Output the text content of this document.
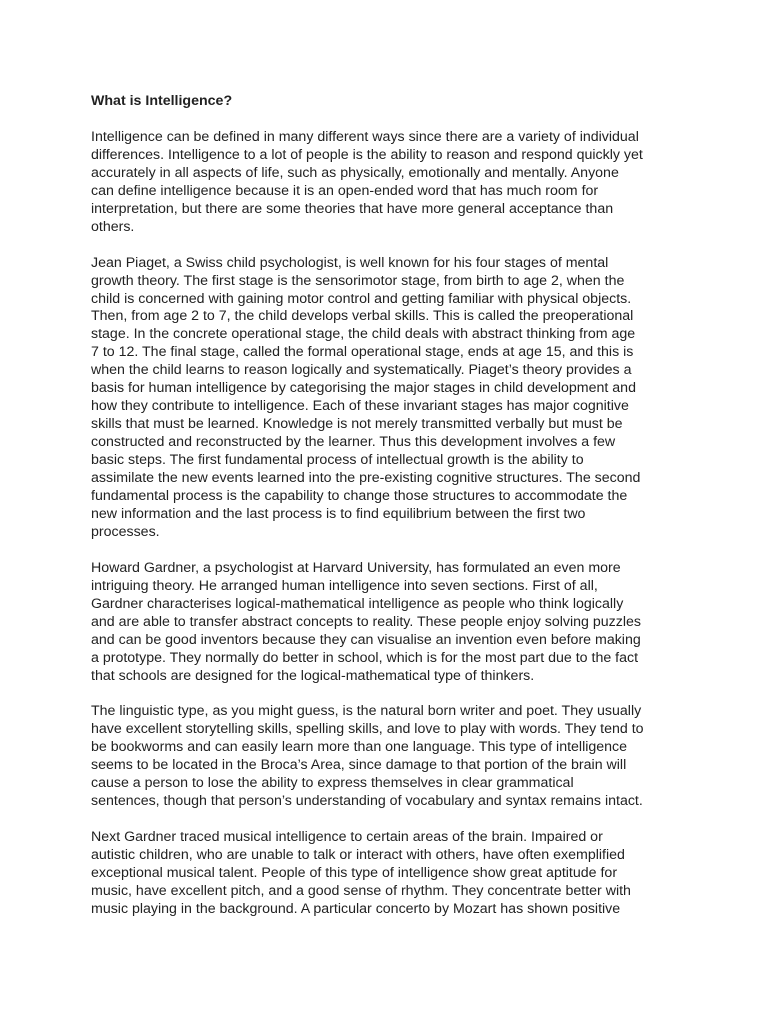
What is Intelligence?

Intelligence can be defined in many different ways since there are a variety of individual
differences. Intelligence to a lot of people is the ability to reason and respond quickly yet
accurately in all aspects of life, such as physically, emotionally and mentally. Anyone
can define intelligence because it is an open-ended word that has much room for
interpretation, but there are some theories that have more general acceptance than
others.

Jean Piaget, a Swiss child psychologist, is well known for his four stages of mental
growth theory. The first stage is the sensorimotor stage, from birth to age 2, when the
child is concerned with gaining motor control and getting familiar with physical objects.
Then, from age 2 to 7, the child develops verbal skills. This is called the preoperational
stage. In the concrete operational stage, the child deals with abstract thinking from age
7 to 12. The final stage, called the formal operational stage, ends at age 15, and this is
when the child learns to reason logically and systematically. Piaget’s theory provides a
basis for human intelligence by categorising the major stages in child development and
how they contribute to intelligence. Each of these invariant stages has major cognitive
skills that must be learned. Knowledge is not merely transmitted verbally but must be
constructed and reconstructed by the learner. Thus this development involves a few
basic steps. The first fundamental process of intellectual growth is the ability to
assimilate the new events learned into the pre-existing cognitive structures. The second
fundamental process is the capability to change those structures to accommodate the
new information and the last process is to find equilibrium between the first two
processes.

Howard Gardner, a psychologist at Harvard University, has formulated an even more
intriguing theory. He arranged human intelligence into seven sections. First of all,
Gardner characterises logical-mathematical intelligence as people who think logically
and are able to transfer abstract concepts to reality. These people enjoy solving puzzles
and can be good inventors because they can visualise an invention even before making
a prototype. They normally do better in school, which is for the most part due to the fact
that schools are designed for the logical-mathematical type of thinkers.

The linguistic type, as you might guess, is the natural born writer and poet. They usually
have excellent storytelling skills, spelling skills, and love to play with words. They tend to
be bookworms and can easily learn more than one language. This type of intelligence
seems to be located in the Broca’s Area, since damage to that portion of the brain will
cause a person to lose the ability to express themselves in clear grammatical
sentences, though that person’s understanding of vocabulary and syntax remains intact.

Next Gardner traced musical intelligence to certain areas of the brain. Impaired or
autistic children, who are unable to talk or interact with others, have often exemplified
exceptional musical talent. People of this type of intelligence show great aptitude for
music, have excellent pitch, and a good sense of rhythm. They concentrate better with
music playing in the background. A particular concerto by Mozart has shown positive
